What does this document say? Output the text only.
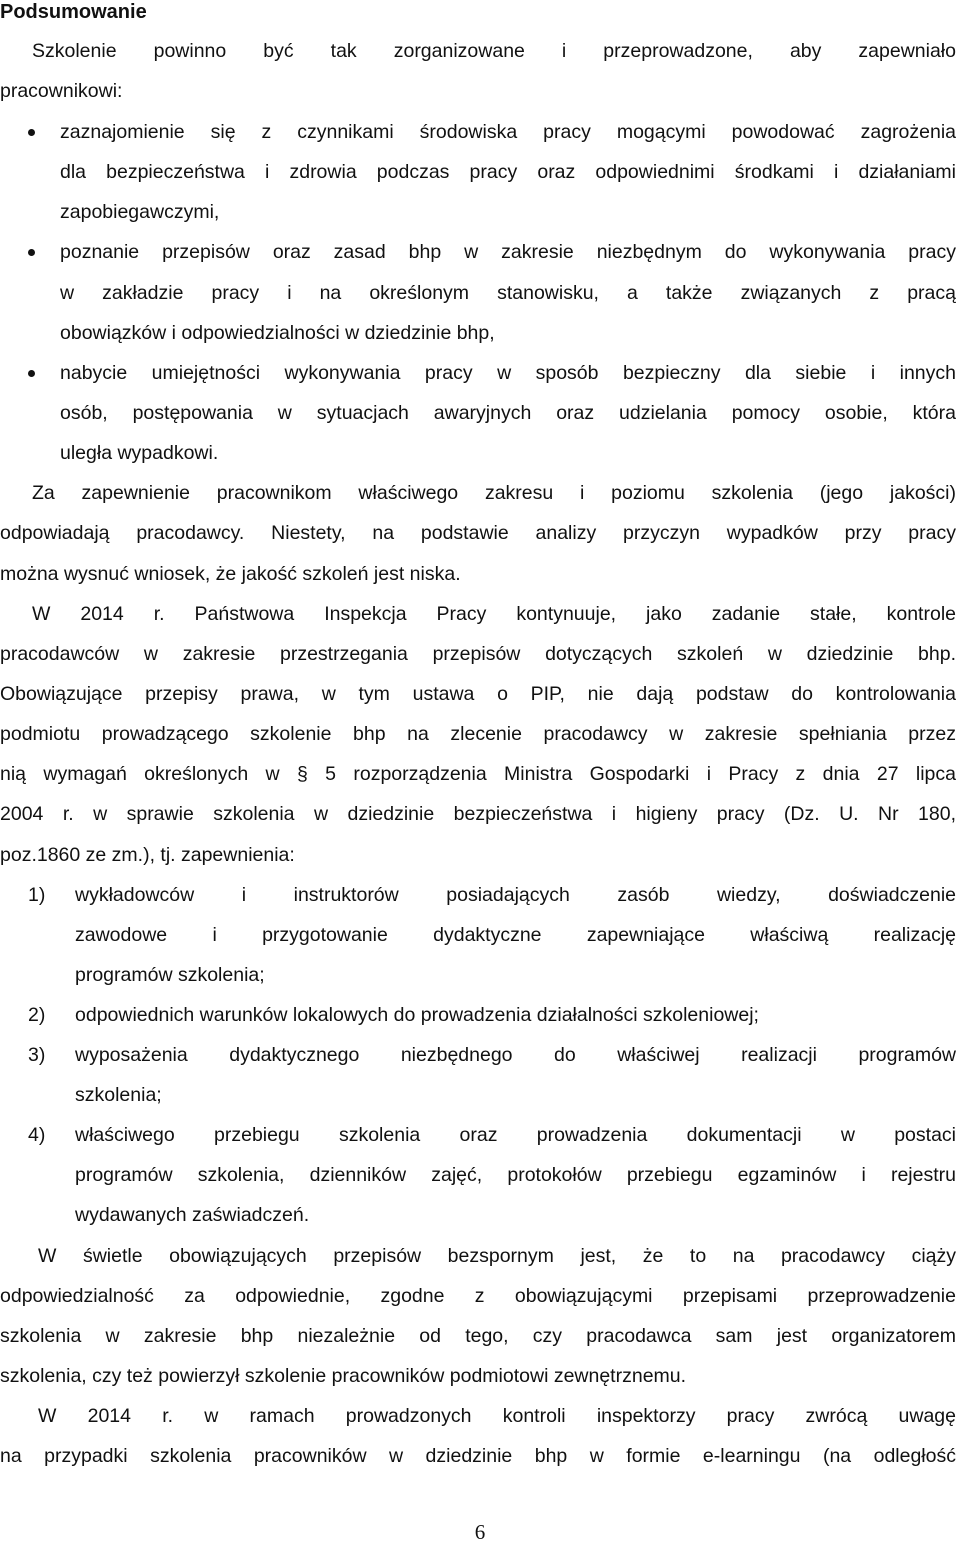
Podsumowanie
Szkolenie powinno być tak zorganizowane i przeprowadzone, aby zapewniało
pracownikowi:
zaznajomienie się z czynnikami środowiska pracy mogącymi powodować zagrożenia
dla bezpieczeństwa i zdrowia podczas pracy oraz odpowiednimi środkami i działaniami
zapobiegawczymi,
poznanie przepisów oraz zasad bhp w zakresie niezbędnym do wykonywania pracy
w zakładzie pracy i na określonym stanowisku, a także związanych z pracą
obowiązków i odpowiedzialności w dziedzinie bhp,
nabycie umiejętności wykonywania pracy w sposób bezpieczny dla siebie i innych
osób, postępowania w sytuacjach awaryjnych oraz udzielania pomocy osobie, która
uległa wypadkowi.
Za zapewnienie pracownikom właściwego zakresu i poziomu szkolenia (jego jakości)
odpowiadają pracodawcy. Niestety, na podstawie analizy przyczyn wypadków przy pracy
można wysnuć wniosek, że jakość szkoleń jest niska.
W 2014 r. Państwowa Inspekcja Pracy kontynuuje, jako zadanie stałe, kontrole
pracodawców w zakresie przestrzegania przepisów dotyczących szkoleń w dziedzinie bhp.
Obowiązujące przepisy prawa, w tym ustawa o PIP, nie dają podstaw do kontrolowania
podmiotu prowadzącego szkolenie bhp na zlecenie pracodawcy w zakresie spełniania przez
nią wymagań określonych w § 5 rozporządzenia Ministra Gospodarki i Pracy z dnia 27 lipca
2004 r. w sprawie szkolenia w dziedzinie bezpieczeństwa i higieny pracy (Dz. U. Nr 180,
poz.1860 ze zm.), tj. zapewnienia:
1) wykładowców i instruktorów posiadających zasób wiedzy, doświadczenie
zawodowe i przygotowanie dydaktyczne zapewniające właściwą realizację
programów szkolenia;
2) odpowiednich warunków lokalowych do prowadzenia działalności szkoleniowej;
3) wyposażenia dydaktycznego niezbędnego do właściwej realizacji programów
szkolenia;
4) właściwego przebiegu szkolenia oraz prowadzenia dokumentacji w postaci
programów szkolenia, dzienników zajęć, protokołów przebiegu egzaminów i rejestru
wydawanych zaświadczeń.
W świetle obowiązujących przepisów bezspornym jest, że to na pracodawcy ciąży
odpowiedzialność za odpowiednie, zgodne z obowiązującymi przepisami przeprowadzenie
szkolenia w zakresie bhp niezależnie od tego, czy pracodawca sam jest organizatorem
szkolenia, czy też powierzył szkolenie pracowników podmiotowi zewnętrznemu.
W 2014 r. w ramach prowadzonych kontroli inspektorzy pracy zwrócą uwagę
na przypadki szkolenia pracowników w dziedzinie bhp w formie e-learningu (na odległość
6
